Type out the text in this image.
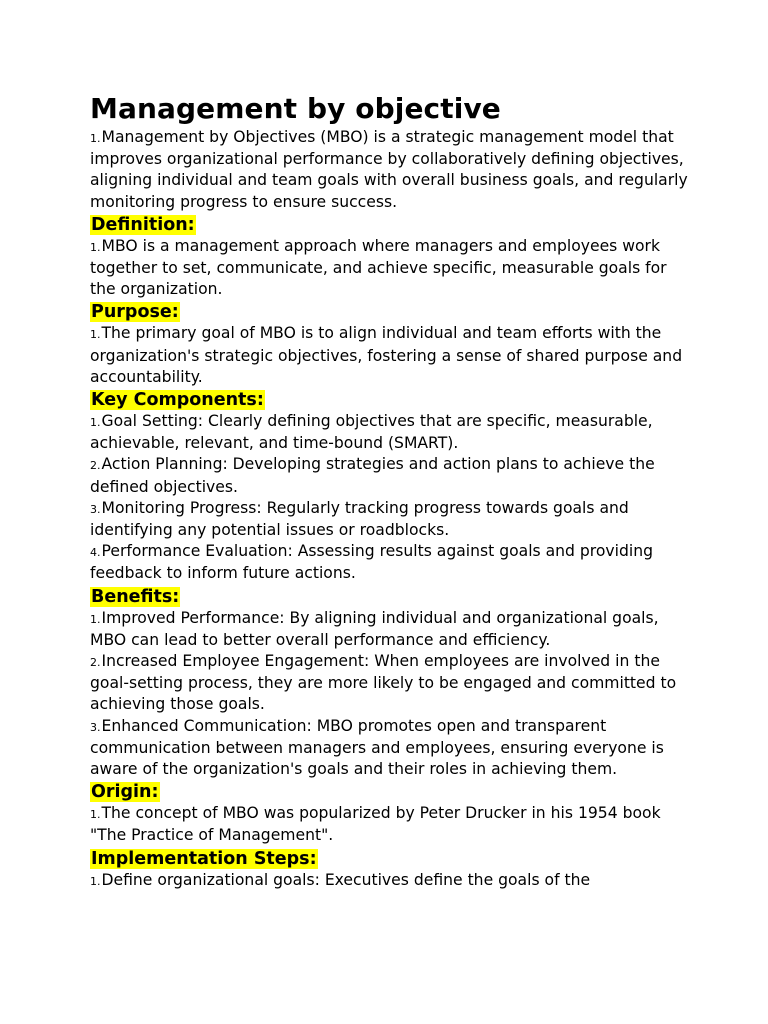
Management by objective

1.Management by Objectives (MBO) is a strategic management model that improves organizational performance by collaboratively defining objectives, aligning individual and team goals with overall business goals, and regularly monitoring progress to ensure success.

Definition:

1.MBO is a management approach where managers and employees work together to set, communicate, and achieve specific, measurable goals for the organization.

Purpose:

1.The primary goal of MBO is to align individual and team efforts with the organization's strategic objectives, fostering a sense of shared purpose and accountability.

Key Components:

1.Goal Setting: Clearly defining objectives that are specific, measurable, achievable, relevant, and time-bound (SMART).

2.Action Planning: Developing strategies and action plans to achieve the defined objectives.

3.Monitoring Progress: Regularly tracking progress towards goals and identifying any potential issues or roadblocks.

4.Performance Evaluation: Assessing results against goals and providing feedback to inform future actions.

Benefits:

1.Improved Performance: By aligning individual and organizational goals, MBO can lead to better overall performance and efficiency.

2.Increased Employee Engagement: When employees are involved in the goal-setting process, they are more likely to be engaged and committed to achieving those goals.

3.Enhanced Communication: MBO promotes open and transparent communication between managers and employees, ensuring everyone is aware of the organization's goals and their roles in achieving them.

Origin:

1.The concept of MBO was popularized by Peter Drucker in his 1954 book "The Practice of Management".

Implementation Steps:

1.Define organizational goals: Executives define the goals of the
